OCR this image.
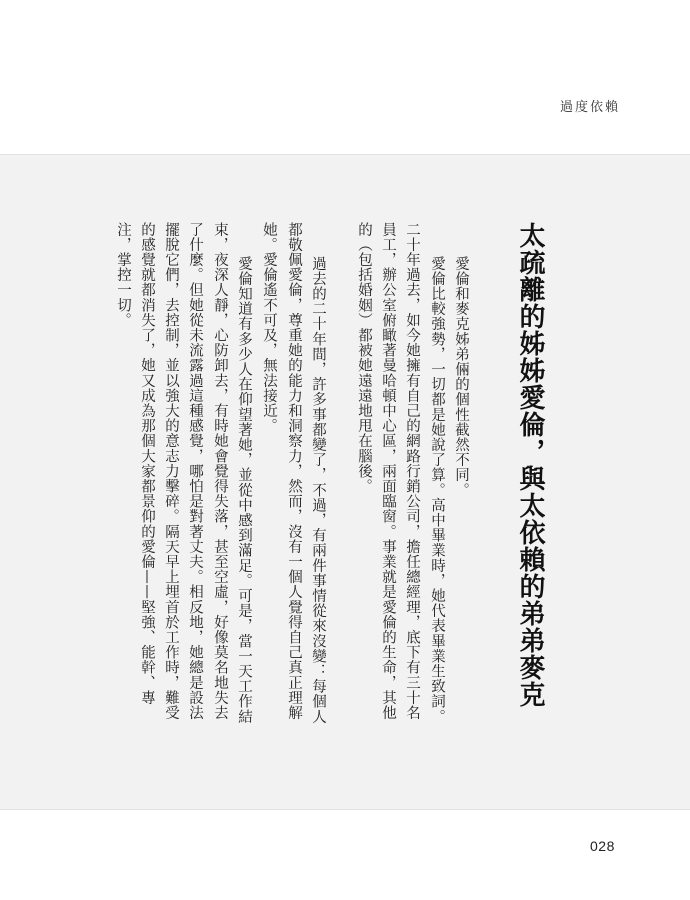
過度依賴
太疏離的姊姊愛倫，與太依賴的弟弟麥克
愛倫和麥克姊弟倆的個性截然不同。
愛倫比較強勢，一切都是她說了算。高中畢業時，她代表畢業生致詞。
二十年過去，如今她擁有自己的網路行銷公司，擔任總經理，底下有三十名
員工，辦公室俯瞰著曼哈頓中心區，兩面臨窗。事業就是愛倫的生命，其他
的（包括婚姻）都被她遠遠地甩在腦後。
過去的二十年間，許多事都變了，不過，有兩件事情從來沒變：每個人
都敬佩愛倫，尊重她的能力和洞察力，然而，沒有一個人覺得自己真正理解
她。愛倫遙不可及，無法接近。
愛倫知道有多少人在仰望著她，並從中感到滿足。可是，當一天工作結
束，夜深人靜，心防卸去，有時她會覺得失落，甚至空虛，好像莫名地失去
了什麼。但她從未流露過這種感覺，哪怕是對著丈夫。相反地，她總是設法
擺脫它們，去控制，並以強大的意志力擊碎。隔天早上埋首於工作時，難受
的感覺就都消失了，她又成為那個大家都景仰的愛倫——堅強、能幹、專
注，掌控一切。
028
